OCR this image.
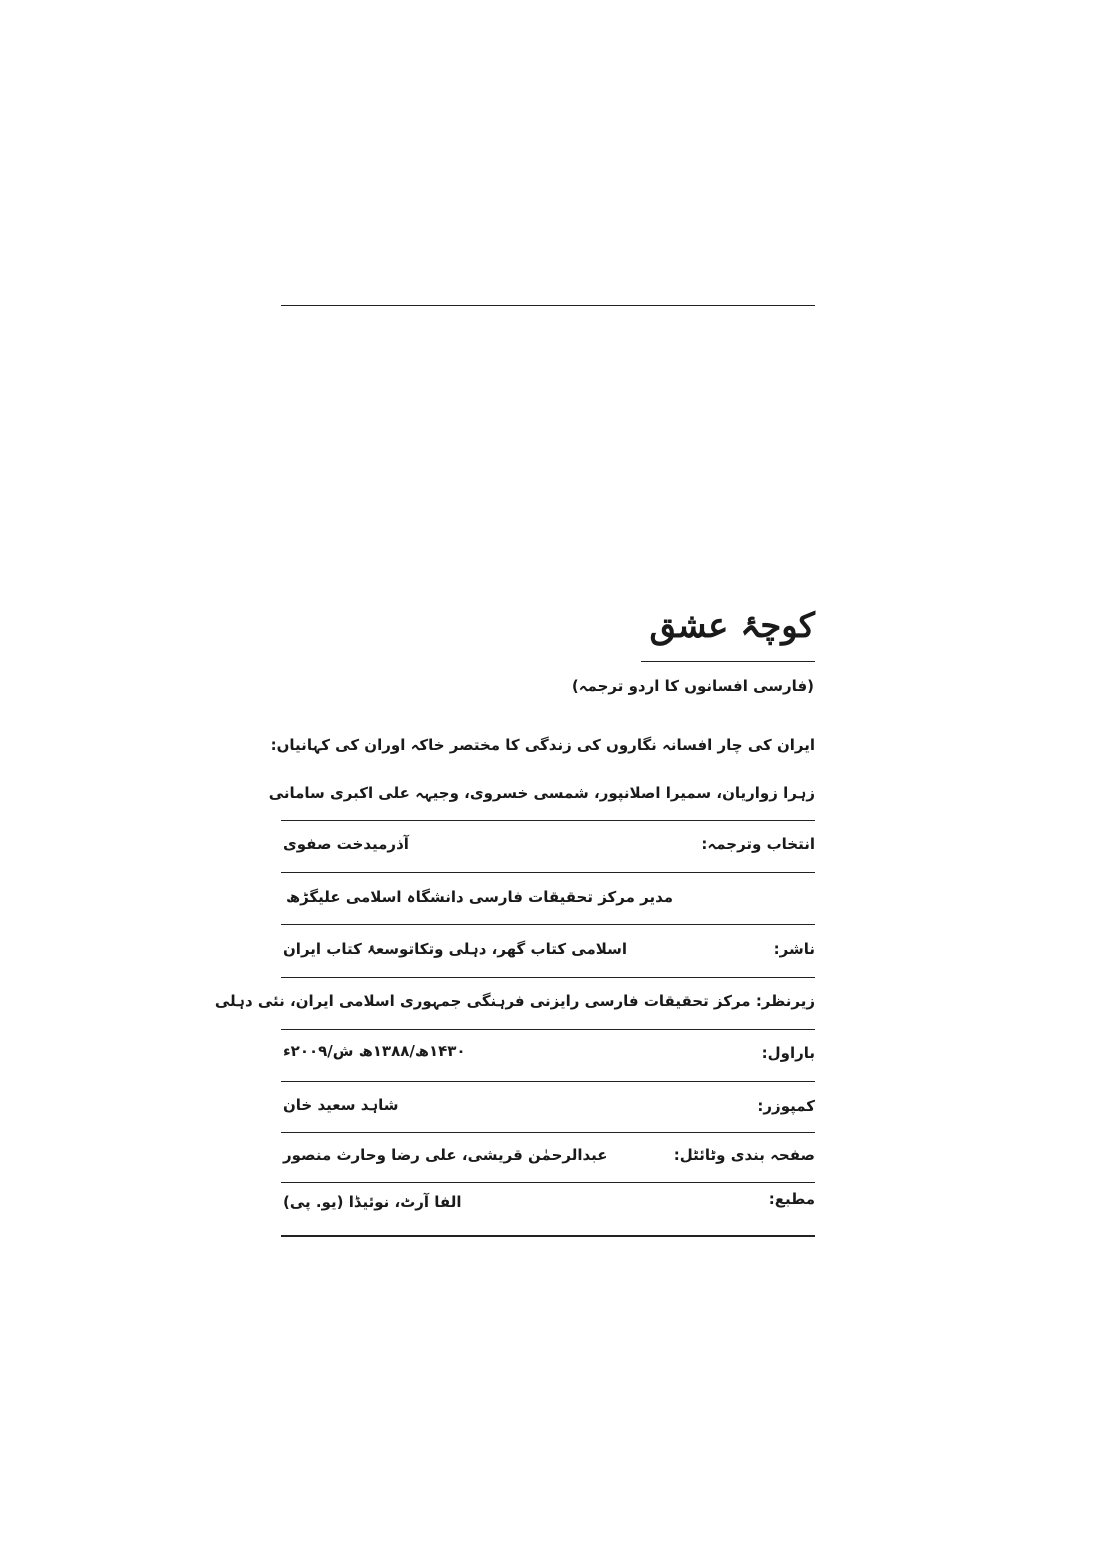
کوچۂ عشق
(فارسی افسانوں کا اردو ترجمہ)
ایران کی چار افسانہ نگاروں کی زندگی کا مختصر خاکہ اوران کی کہانیاں:
زہرا زواریان، سمیرا اصلانپور، شمسی خسروی، وجیہہ علی اکبری سامانی
انتخاب وترجمہ:
آذرمیدخت صفوی
مدیر مرکز تحقیقات فارسی دانشگاہ اسلامی علیگڑھ
ناشر:
اسلامی کتاب گھر، دہلی وتکاتوسعۂ کتاب ایران
زیرنظر: مرکز تحقیقات فارسی رایزنی فرہنگی جمہوری اسلامی ایران، نئی دہلی
باراول:
۱۴۳۰ھ/۱۳۸۸ھ ش/۲۰۰۹ء
کمپوزر:
شاہد سعید خان
صفحہ بندی وٹائٹل:
عبدالرحمٰن قریشی، علی رضا وحارث منصور
مطبع:
الفا آرٹ، نوئیڈا (یو. پی)
